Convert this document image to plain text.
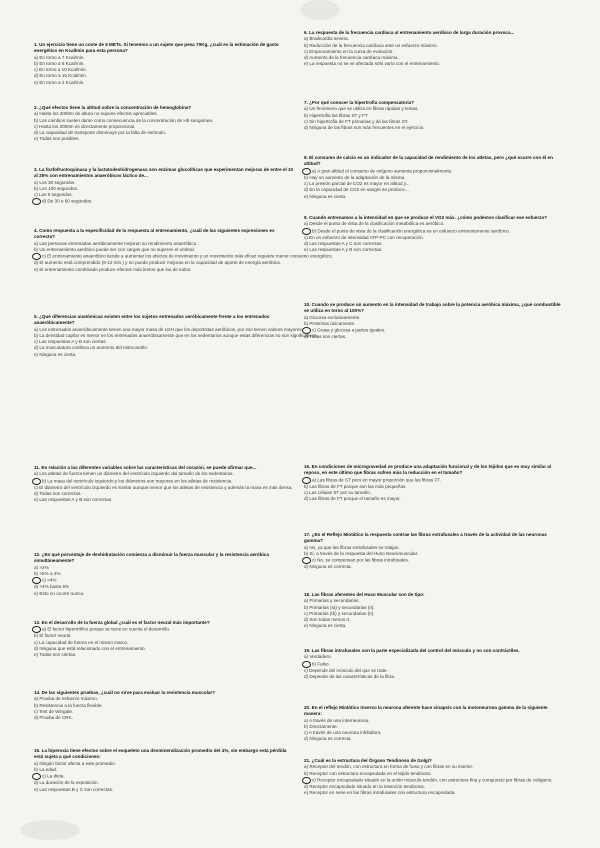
1. Un ejercicio tiene un coste de 5 METs. Si tenemos a un sujeto que pesa 70Kg, ¿cuál es la estimación de gasto energético en Kcal/min para esta persona?
a) En torno a 7 Kcal/min.
b) En torno a 6 Kcal/min.
c) En torno a 10 Kcal/min.
d) En torno a 15 Kcal/min.
e) En torno a 2 Kcal/min.
2. ¿Qué efectos tiene la altitud sobre la concentración de hemoglobina?
a) Hasta los 3000m de altura no supone efectos apreciables.
b) Los cambios suelen darse como consecuencia de la concentración de Hb sanguínea.
c) Hasta los 3000m es directamente proporcional.
d) La capacidad de transporte disminuye por la falta de estímulo.
e) Todas son posibles.
3. La fosfofructoquinasa y la lactatodeshidrogenasa son enzimas glucolíticas que experimentan mejoras de entre el 10 al 25% con entrenamientos anaeróbicos láctico de...
a) Los 30 segundos.
b) Los 100 segundos.
c) Los 5 segundos.
d) De 30 a 60 segundos.
4. Como respuesta a la especificidad de la respuesta al entrenamiento, ¿cuál de las siguientes expresiones es correcta?
a) Las personas entrenadas aeróbicamente mejoran su rendimiento anaeróbico.
b) Un entrenamiento aeróbico puede ser con cargas que no superen el umbral.
c) El entrenamiento anaeróbico tiende a aumentar los efectos de movimiento y un movimiento más eficaz requiere menor consumo energético.
d) El aumento está comprendido (8-12 min.) y no puede producir mejoras en la capacidad de aporte de energía aeróbica.
e) El entrenamiento combinado produce efectos más lentos que los de todos.
5. ¿Qué diferencias anatómicas existen entre los sujetos entrenados aeróbicamente frente a los entrenados anaeróbicamente?
a) Los entrenados anaeróbicamente tienen una mayor masa de LDH que los deportistas aeróbicos, por eso tienen valores mayores.
b) La densidad capilar es menor en los entrenados anaeróbicamente que en los sedentarios aunque estas diferencias no son significativas.
c) Las respuestas A y B son ciertas.
d) La musculatura conlleva un aumento del mitocondrio.
e) Ninguna es cierta.
6. La respuesta de la frecuencia cardíaca al entrenamiento aeróbico de larga duración provoca...
a) Bradicardia severa.
b) Reducción de la frecuencia cardíaca ante un esfuerzo máximo.
c) Empeoramiento en la curva de evolución.
d) Aumento de la frecuencia cardíaca máxima.
e) La respuesta no se ve afectada sólo varía con el entrenamiento.
7. ¿Por qué conocer la hipertrofia compensatoria?
a) Un fenómeno que se utiliza en fibras rápidas y lentas.
b) Hipertrofia las fibras ST y FT.
c) Sin hipertrofia de FT primarias y de las fibras ST.
d) Ninguna de las fibras son más frecuentes en el ejercicio.
8. El consumo de calcio es un indicador de la capacidad de rendimiento de los atletas, pero ¿qué ocurre con él en altitud?
a) A gran altitud el consumo de oxígeno aumenta proporcionalmente.
b) Hay un aumento de la adaptación de la misma.
c) La presión parcial de CO2 es mayor en altitud y...
d) En la capacidad de CO2 en sangre se produce...
e) Ninguna es cierta.
9. Cuando entrenamos a la intensidad en que se produce el VO2 máx. ¿cómo podemos clasificar ese esfuerzo?
a) Desde el punto de vista de la clasificación metabólica es aeróbico.
b) Desde el punto de vista de la clasificación energética es un esfuerzo eminentemente aeróbico.
c) En un esfuerzo de intensidad ATP-PC con recuperación.
d) Las respuestas A y C son correctas.
e) Las respuestas A y B son correctas.
10. Cuando se produce un aumento en la intensidad de trabajo sobre la potencia aeróbica máxima, ¿qué combustible se utiliza en torno al 100%?
a) Glucosa exclusivamente.
b) Proteínas únicamente.
c) Grasa y glucosa a partes iguales.
d) Todas son ciertas.
11. En relación a las diferentes variables sobre las características del corazón, se puede afirmar que...
a) Los atletas de fuerza tienen un diámetro del ventrículo izquierdo del tamaño de los sedentarios.
b) La masa del ventrículo izquierdo y los diámetros son mayores en los atletas de resistencia.
c) El diámetro del ventrículo izquierdo es similar aunque menor que los atletas de resistencia y además la masa es más densa.
d) Todas son correctas.
e) Las respuestas A y B son correctas.
12. ¿En qué porcentaje de deshidratación comienza a disminuir la fuerza muscular y la resistencia aeróbica simultáneamente?
a) >2%
b) >5% a 4%
c) >4%
d) >4% hasta 6%
e) Esto no ocurre nunca.
13. En el desarrollo de la fuerza global ¿cuál es el factor neural más importante?
a) El factor hipertrófico porque se tiene en cuenta el desarrollo.
b) El factor neural.
c) La capacidad de fuerza en el mismo marco.
d) Ninguna que está relacionado con el entrenamiento.
e) Todas son ciertas.
14. De las siguientes pruebas, ¿cuál no sirve para evaluar la resistencia muscular?
a) Prueba de esfuerzo máximo.
b) Resistencia a la fuerza flexible.
c) Test de Wingate.
d) Prueba de CRK.
15. La hiperoxia tiene efectos sobre el esqueleto una desmineralización promedio del 4%, sin embargo esta pérdida está sujeta a qué condiciones:
a) Ningún factor afecta a este promedio.
b) La edad.
c) La dieta.
d) La duración de la exposición.
e) Las respuestas B y C son correctas.
16. En condiciones de microgravedad se produce una adaptación funcional y de los tejidos que es muy similar al reposo, en este último que fibras sufren más la reducción en el tamaño?
a) Las fibras de ST pero en mayor proporción que las fibras FT.
b) Las fibras de FT porque son las más pequeñas.
c) Las células ST por su tamaño.
d) Las fibras de FT porque el tamaño es mayor.
17. ¿En el Reflejo Miotático la respuesta contrae las fibras extrafusales a través de la actividad de las neuronas gamma?
a) No, ya que las fibras extrafusales se relajan.
b) Sí, a través de la respuesta del Huso Neuromuscular.
c) No, se compensan por las fibras intrafusales.
d) Ninguna es correcta.
18. Las fibras aferentes del Huso Muscular son de tipo:
a) Primarias y secundarias.
b) Primarias (Ia) y secundarias (II).
c) Primarias (Ib) y secundarias (II).
d) Son todas menos II.
e) Ninguna es cierta.
19. Las fibras intrafusales son la parte especializada del control del músculo y no son contráctiles.
a) Verdadero.
b) Falso.
c) Depende del músculo del que se trate.
d) Depende de las características de la fibra.
20. En el reflejo Miotático Inverso la neurona aferente hace sinapsis con la motoneurona gamma de la siguiente manera:
a) A través de una interneurona.
b) Directamente.
c) A través de una neurona inhibidora.
d) Ninguna es correcta.
21. ¿Cuál es la estructura del Órgano Tendinoso de Golgi?
a) Receptor del tendón, con estructura en forma de huso y con fibras en su interior.
b) Receptor con estructura encapsulada en el tejido tendinoso.
c) Receptor encapsulado situado en la unión músculo-tendón, con estructura fina y compuesto por fibras de colágeno.
d) Receptor encapsulado situado en la inserción tendinosa.
e) Receptor en serie en las fibras intrafusales con estructura encapsulada.
